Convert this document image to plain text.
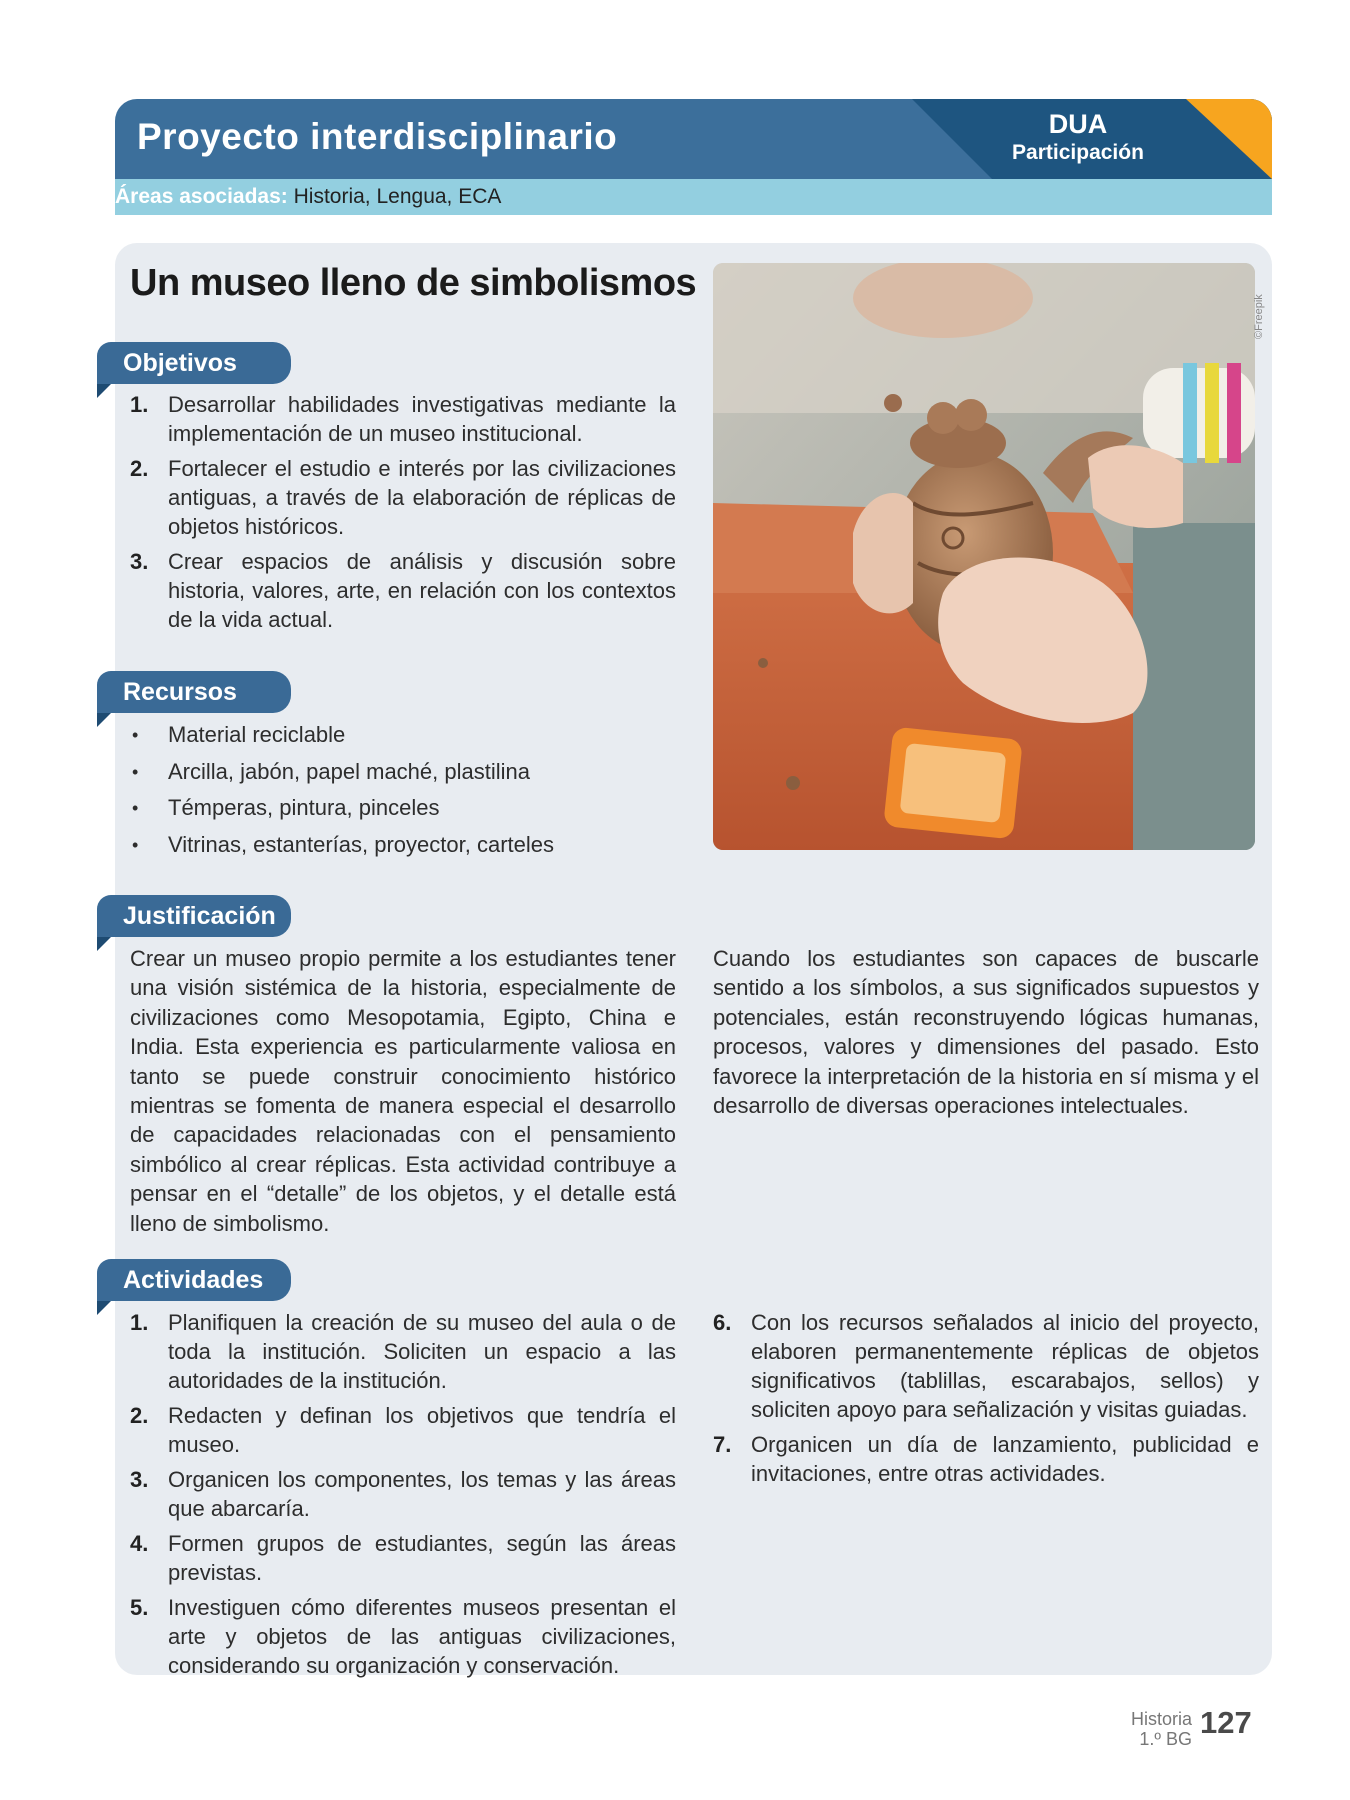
Proyecto interdisciplinario	DUA
Participación
Áreas asociadas: Historia, Lengua, ECA
Un museo lleno de simbolismos
Objetivos
1. Desarrollar habilidades investigativas mediante la implementación de un museo institucional.
2. Fortalecer el estudio e interés por las civilizaciones antiguas, a través de la elaboración de réplicas de objetos históricos.
3. Crear espacios de análisis y discusión sobre historia, valores, arte, en relación con los contextos de la vida actual.
Recursos
• Material reciclable
• Arcilla, jabón, papel maché, plastilina
• Témperas, pintura, pinceles
• Vitrinas, estanterías, proyector, carteles
Justificación

Crear un museo propio permite a los estudiantes tener una visión sistémica de la historia, especialmente de civilizaciones como Mesopotamia, Egipto, China e India. Esta experiencia es particularmente valiosa en tanto se puede construir conocimiento histórico mientras se fomenta de manera especial el desarrollo de capacidades relacionadas con el pensamiento simbólico al crear réplicas. Esta actividad contribuye a pensar en el “detalle” de los objetos, y el detalle está lleno de simbolismo.

Cuando los estudiantes son capaces de buscarle sentido a los símbolos, a sus significados supuestos y potenciales, están reconstruyendo lógicas humanas, procesos, valores y dimensiones del pasado. Esto favorece la interpretación de la historia en sí misma y el desarrollo de diversas operaciones intelectuales.

Actividades
1. Planifiquen la creación de su museo del aula o de toda la institución. Soliciten un espacio a las autoridades de la institución.
2. Redacten y definan los objetivos que tendría el museo.
3. Organicen los componentes, los temas y las áreas que abarcaría.
4. Formen grupos de estudiantes, según las áreas previstas.
5. Investiguen cómo diferentes museos presentan el arte y objetos de las antiguas civilizaciones, considerando su organización y conservación.
6. Con los recursos señalados al inicio del proyecto, elaboren permanentemente réplicas de objetos significativos (tablillas, escarabajos, sellos) y soliciten apoyo para señalización y visitas guiadas.
7. Organicen un día de lanzamiento, publicidad e invitaciones, entre otras actividades.
Historia
1.º BG 127
